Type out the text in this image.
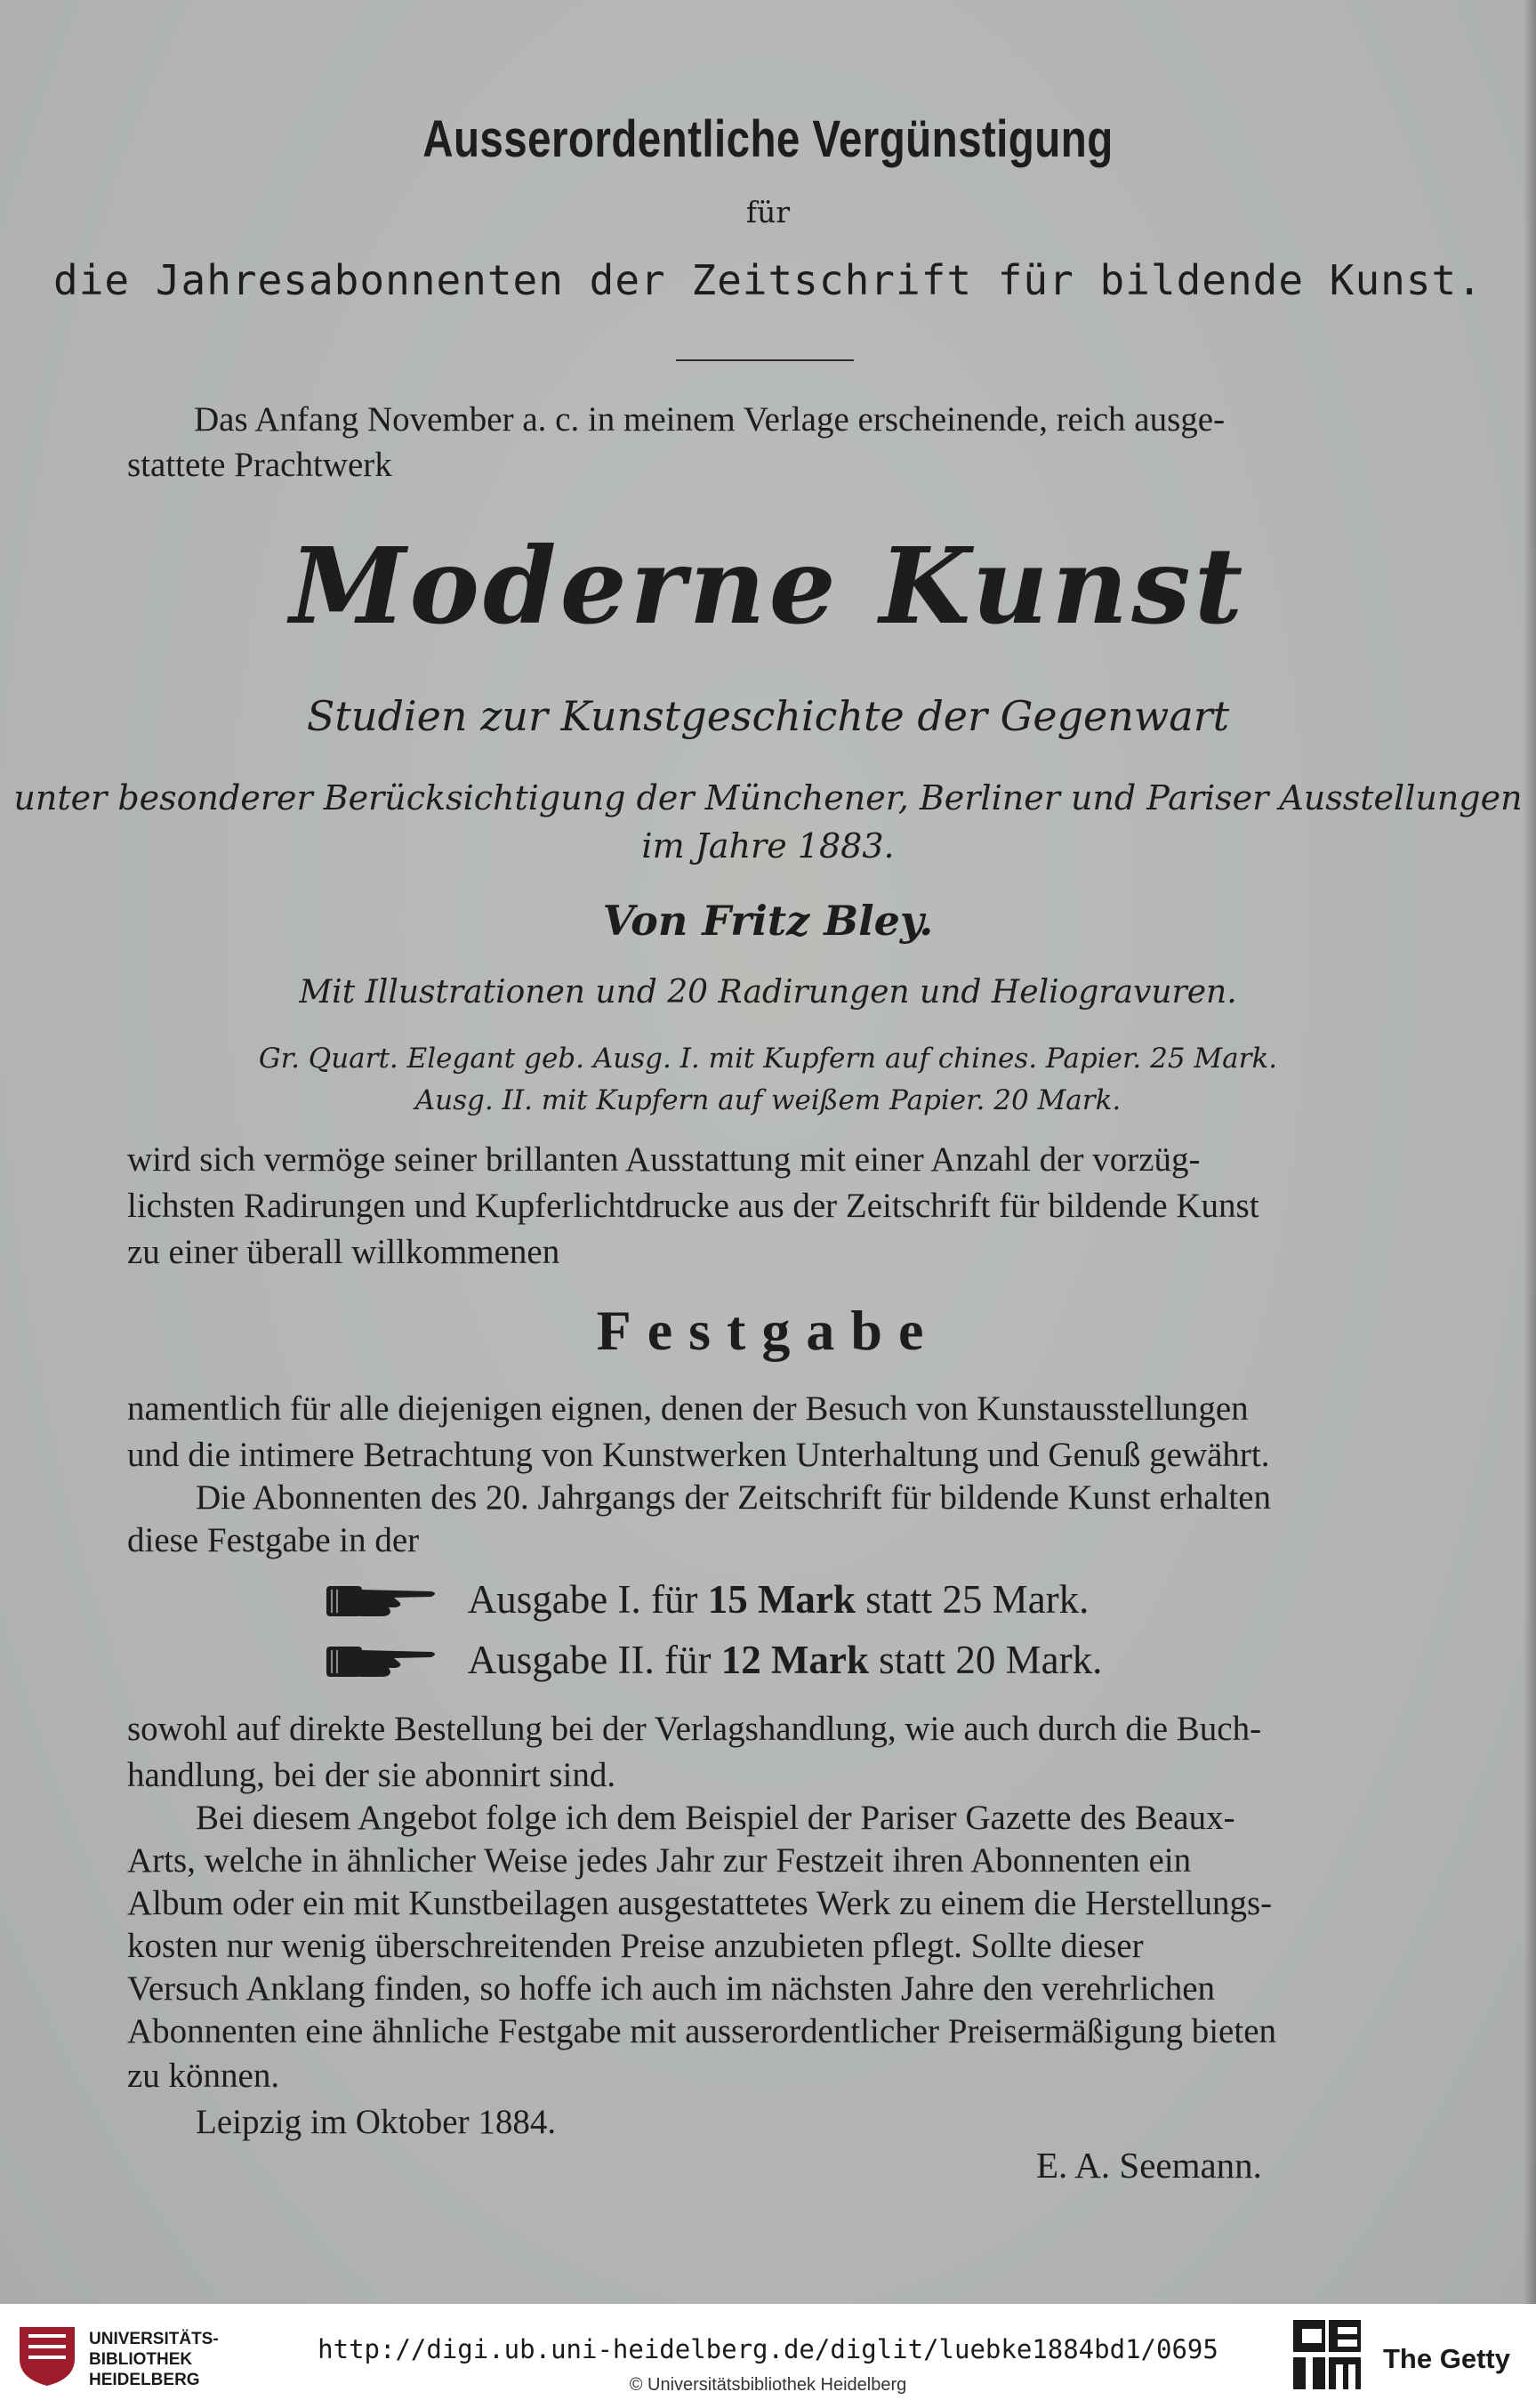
Ausserordentliche Vergünstigung
für
die Jahresabonnenten der Zeitschrift für bildende Kunst.
Das Anfang November a. c. in meinem Verlage erscheinende, reich ausge-
stattete Prachtwerk
Moderne Kunst
Studien zur Kunstgeschichte der Gegenwart
unter besonderer Berücksichtigung der Münchener, Berliner und Pariser Ausstellungen
im Jahre 1883.
Von Fritz Bley.
Mit Illustrationen und 20 Radirungen und Heliogravuren.
Gr. Quart. Elegant geb. Ausg. I. mit Kupfern auf chines. Papier. 25 Mark.
Ausg. II. mit Kupfern auf weißem Papier. 20 Mark.
wird sich vermöge seiner brillanten Ausstattung mit einer Anzahl der vorzüg-
lichsten Radirungen und Kupferlichtdrucke aus der Zeitschrift für bildende Kunst
zu einer überall willkommenen
Festgabe
namentlich für alle diejenigen eignen, denen der Besuch von Kunstausstellungen
und die intimere Betrachtung von Kunstwerken Unterhaltung und Genuß gewährt.
Die Abonnenten des 20. Jahrgangs der Zeitschrift für bildende Kunst erhalten
diese Festgabe in der
Ausgabe I. für 15 Mark statt 25 Mark.
Ausgabe II. für 12 Mark statt 20 Mark.
sowohl auf direkte Bestellung bei der Verlagshandlung, wie auch durch die Buch-
handlung, bei der sie abonnirt sind.
Bei diesem Angebot folge ich dem Beispiel der Pariser Gazette des Beaux-
Arts, welche in ähnlicher Weise jedes Jahr zur Festzeit ihren Abonnenten ein
Album oder ein mit Kunstbeilagen ausgestattetes Werk zu einem die Herstellungs-
kosten nur wenig überschreitenden Preise anzubieten pflegt. Sollte dieser
Versuch Anklang finden, so hoffe ich auch im nächsten Jahre den verehrlichen
Abonnenten eine ähnliche Festgabe mit ausserordentlicher Preisermäßigung bieten
zu können.
Leipzig im Oktober 1884.
E. A. Seemann.
UNIVERSITÄTS-
BIBLIOTHEK
HEIDELBERG
http://digi.ub.uni-heidelberg.de/diglit/luebke1884bd1/0695
© Universitätsbibliothek Heidelberg
The Getty
